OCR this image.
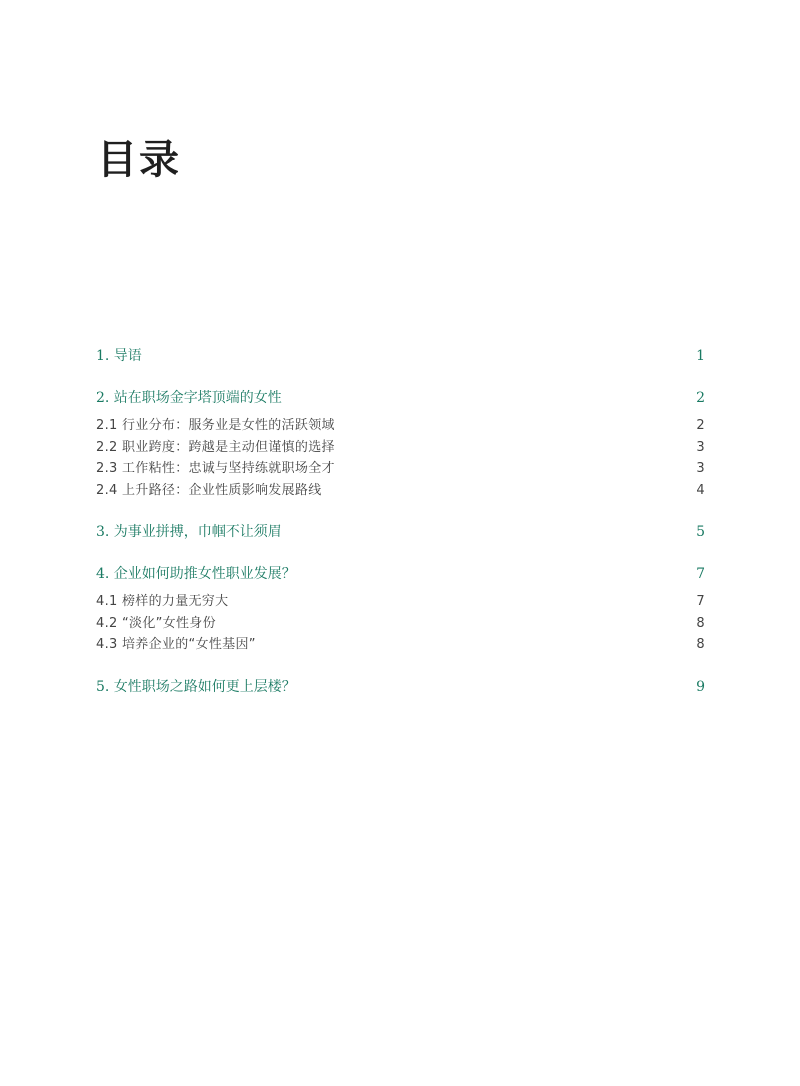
目录
1. 导语	1
2. 站在职场金字塔顶端的女性	2
2.1 行业分布：服务业是女性的活跃领域	2
2.2 职业跨度：跨越是主动但谨慎的选择	3
2.3 工作粘性：忠诚与坚持练就职场全才	3
2.4 上升路径：企业性质影响发展路线	4
3. 为事业拼搏，巾帼不让须眉	5
4. 企业如何助推女性职业发展？	7
4.1 榜样的力量无穷大	7
4.2 “淡化”女性身份	8
4.3 培养企业的“女性基因”	8
5. 女性职场之路如何更上层楼？	9
